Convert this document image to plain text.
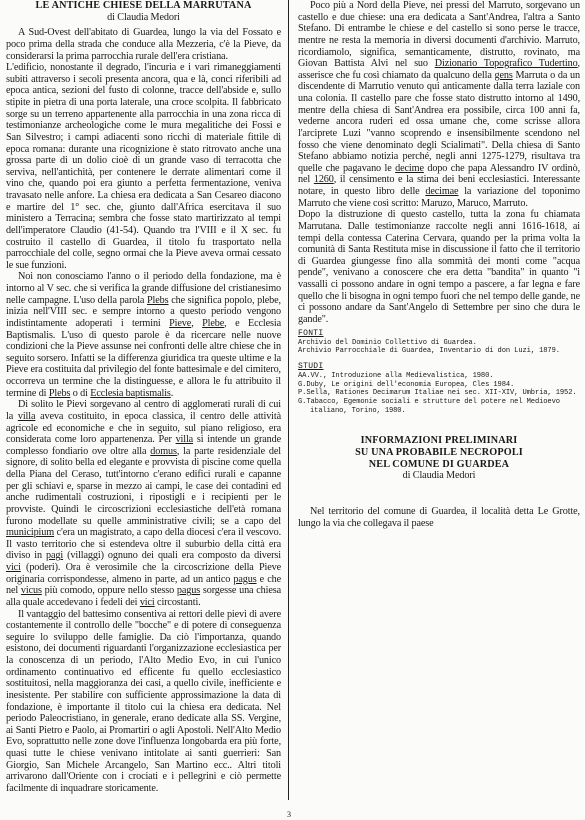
LE ANTICHE CHIESE DELLA MARRUTANA
di Claudia Medori

A Sud-Ovest dell'abitato di Guardea, lungo la via del Fossato e poco prima della strada che conduce alla Mezzeria, c'è la Pieve, da considerarsi la prima parrocchia rurale dell'era cristiana.

L'edificio, nonostante il degrado, l'incuria e i vari rimaneggiamenti subiti attraverso i secoli presenta ancora, qua e là, conci riferibili ad epoca antica, sezioni del fusto di colonne, tracce dell'abside e, sullo stipite in pietra di una porta laterale, una croce scolpita. Il fabbricato sorge su un terreno appartenente alla parrocchia in una zona ricca di testimonianze archeologiche come le mura megalitiche dei Fossi e San Silvestro; i campi adiacenti sono ricchi di materiale fittile di epoca romana: durante una ricognizione è stato ritrovato anche una grossa parte di un dolio cioè di un grande vaso di terracotta che serviva, nell'antichità, per contenere le derrate alimentari come il vino che, quando poi era giunto a perfetta fermentazione, veniva travasato nelle anfore. La chiesa era dedicata a San Cesareo diacono e martire del 1° sec. che, giunto dall'Africa esercitava il suo ministero a Terracina; sembra che fosse stato martirizzato al tempi dell'imperatore Claudio (41-54). Quando tra l'VIII e il X sec. fu costruito il castello di Guardea, il titolo fu trasportato nella parrocchiale del colle, segno ormai che la Pieve aveva ormai cessato le sue funzioni.

Noi non conosciamo l'anno o il periodo della fondazione, ma è intorno al V sec. che si verifica la grande diffusione del cristianesimo nelle campagne. L'uso della parola Plebs che significa popolo, plebe, inizia nell'VIII sec. e sempre intorno a questo periodo vengono indistintamente adoperati i termini Pieve, Plebe, e Ecclesia Baptismalis. L'uso di questo parole è da ricercare nelle nuove condizioni che la Pieve assunse nei confronti delle altre chiese che in seguito sorsero. Infatti se la differenza giuridica tra queste ultime e la Pieve era costituita dal privilegio del fonte battesimale e del cimitero, occorreva un termine che la distinguesse, e allora le fu attribuito il termine di Plebs o di Ecclesia baptismalis.

Di solito le Pievi sorgevano al centro di agglomerati rurali di cui la villa aveva costituito, in epoca classica, il centro delle attività agricole ed economiche e che in seguito, sul piano religioso, era considerata come loro appartenenza. Per villa si intende un grande complesso fondiario ove oltre alla domus, la parte residenziale del signore, di solito bella ed elegante e provvista di piscine come quella della Piana del Ceraso, tutt'intorno c'erano edifici rurali e capanne per gli schiavi e, sparse in mezzo ai campi, le case dei contadini ed anche rudimentali costruzioni, i ripostigli e i recipienti per le provviste. Quindi le circoscrizioni ecclesiastiche dell'età romana furono modellate su quelle amministrative civili; se a capo del municipium c'era un magistrato, a capo della diocesi c'era il vescovo. Il vasto territorio che si estendeva oltre il suburbio della città era diviso in pagi (villaggi) ognuno dei quali era composto da diversi vici (poderi). Ora è verosimile che la circoscrizione della Pieve originaria corrispondesse, almeno in parte, ad un antico pagus e che nel vicus più comodo, oppure nello stesso pagus sorgesse una chiesa alla quale accedevano i fedeli dei vici circostanti.

Il vantaggio del battesimo consentiva ai rettori delle pievi di avere costantemente il controllo delle "bocche" e di potere di conseguenza seguire lo sviluppo delle famiglie. Da ciò l'importanza, quando esistono, dei documenti riguardanti l'organizzazione ecclesiastica per la conoscenza di un periodo, l'Alto Medio Evo, in cui l'unico ordinamento continuativo ed efficente fu quello ecclesiastico sostituitosi, nella maggioranza dei casi, a quello civile, inefficiente e inesistente. Per stabilire con sufficiente approssimazione la data di fondazione, è importante il titolo cui la chiesa era dedicata. Nel periodo Paleocristiano, in generale, erano dedicate alla SS. Vergine, ai Santi Pietro e Paolo, ai Promartiri o agli Apostoli. Nell'Alto Medio Evo, soprattutto nelle zone dove l'influenza longobarda era più forte, quasi tutte le chiese venivano intitolate ai santi guerrieri: San Giorgio, San Michele Arcangelo, San Martino ecc.. Altri titoli arrivarono dall'Oriente con i crociati e i pellegrini e ciò permette facilmente di inquadrare storicamente.

Poco più a Nord della Pieve, nei pressi del Marrutо, sorgevano un castello e due chiese: una era dedicata a Sant'Andrea, l'altra a Santo Stefano. Di entrambe le chiese e del castello si sono perse le tracce, mentre ne resta la memoria in diversi documenti d'archivio. Marruto, ricordiamolo, significa, semanticamente, distrutto, rovinato, ma Giovan Battista Alvi nel suo Dizionario Topografico Tudertino, asserisce che fu così chiamato da qualcuno della gens Marruta o da un discendente di Marrutio venuto qui anticamente dalla terra laziale con una colonia. Il castello pare che fosse stato distrutto intorno al 1490, mentre della chiesa di Sant'Andrea era possibile, circa 100 anni fa, vederne ancora ruderi ed ossa umane che, come scrisse allora l'arciprete Luzi "vanno scoprendo e insensibilmente scendono nel fosso che viene denominato degli Scialimati". Della chiesa di Santo Stefano abbiamo notizia perché, negli anni 1275-1279, risultava tra quelle che pagavano le decime dopo che papa Alessandro IV ordinò, nel 1260, il censimento e la stima dei beni ecclesiastici. Interessante notare, in questo libro delle decimae la variazione del toponimo Marruto che viene così scritto: Maruzo, Maruco, Marruto.

Dopo la distruzione di questo castello, tutta la zona fu chiamata Marrutana. Dalle testimonianze raccolte negli anni 1616-1618, ai tempi della contessa Caterina Cervara, quando per la prima volta la comunità di Santa Restituta mise in discussione il fatto che il territorio di Guardea giungesse fino alla sommità dei monti come "acqua pende", venivano a conoscere che era detta "bandita" in quanto "i vassalli ci possono andare in ogni tempo a pascere, a far legna e fare quello che li bisogna in ogni tempo fuori che nel tempo delle gande, ne ci possono andare da Sant'Angelo di Settembre per sino che dura le gande".

FONTI

Archivio del Dominio Collettivo di Guardea.

Archivio Parrocchiale di Guardea, Inventario di don Luzi, 1879.

STUDI

AA.VV., Introduzione alla Medievalistica, 1980.

G.Duby, Le origini dell'economia Europea, Cles 1984.

P.Sella, Rationes Decimarum Italiae nei sec. XII-XIV, Umbria, 1952.

G.Tabacco, Egemonie sociali e strutture del potere nel Medioevo italiano, Torino, 1980.

INFORMAZIONI PRELIMINARI
SU UNA PROBABILE NECROPOLI
NEL COMUNE DI GUARDEA
di Claudia Medori

Nel territorio del comune di Guardea, il località detta Le Grotte, lungo la via che collegava il paese

3
